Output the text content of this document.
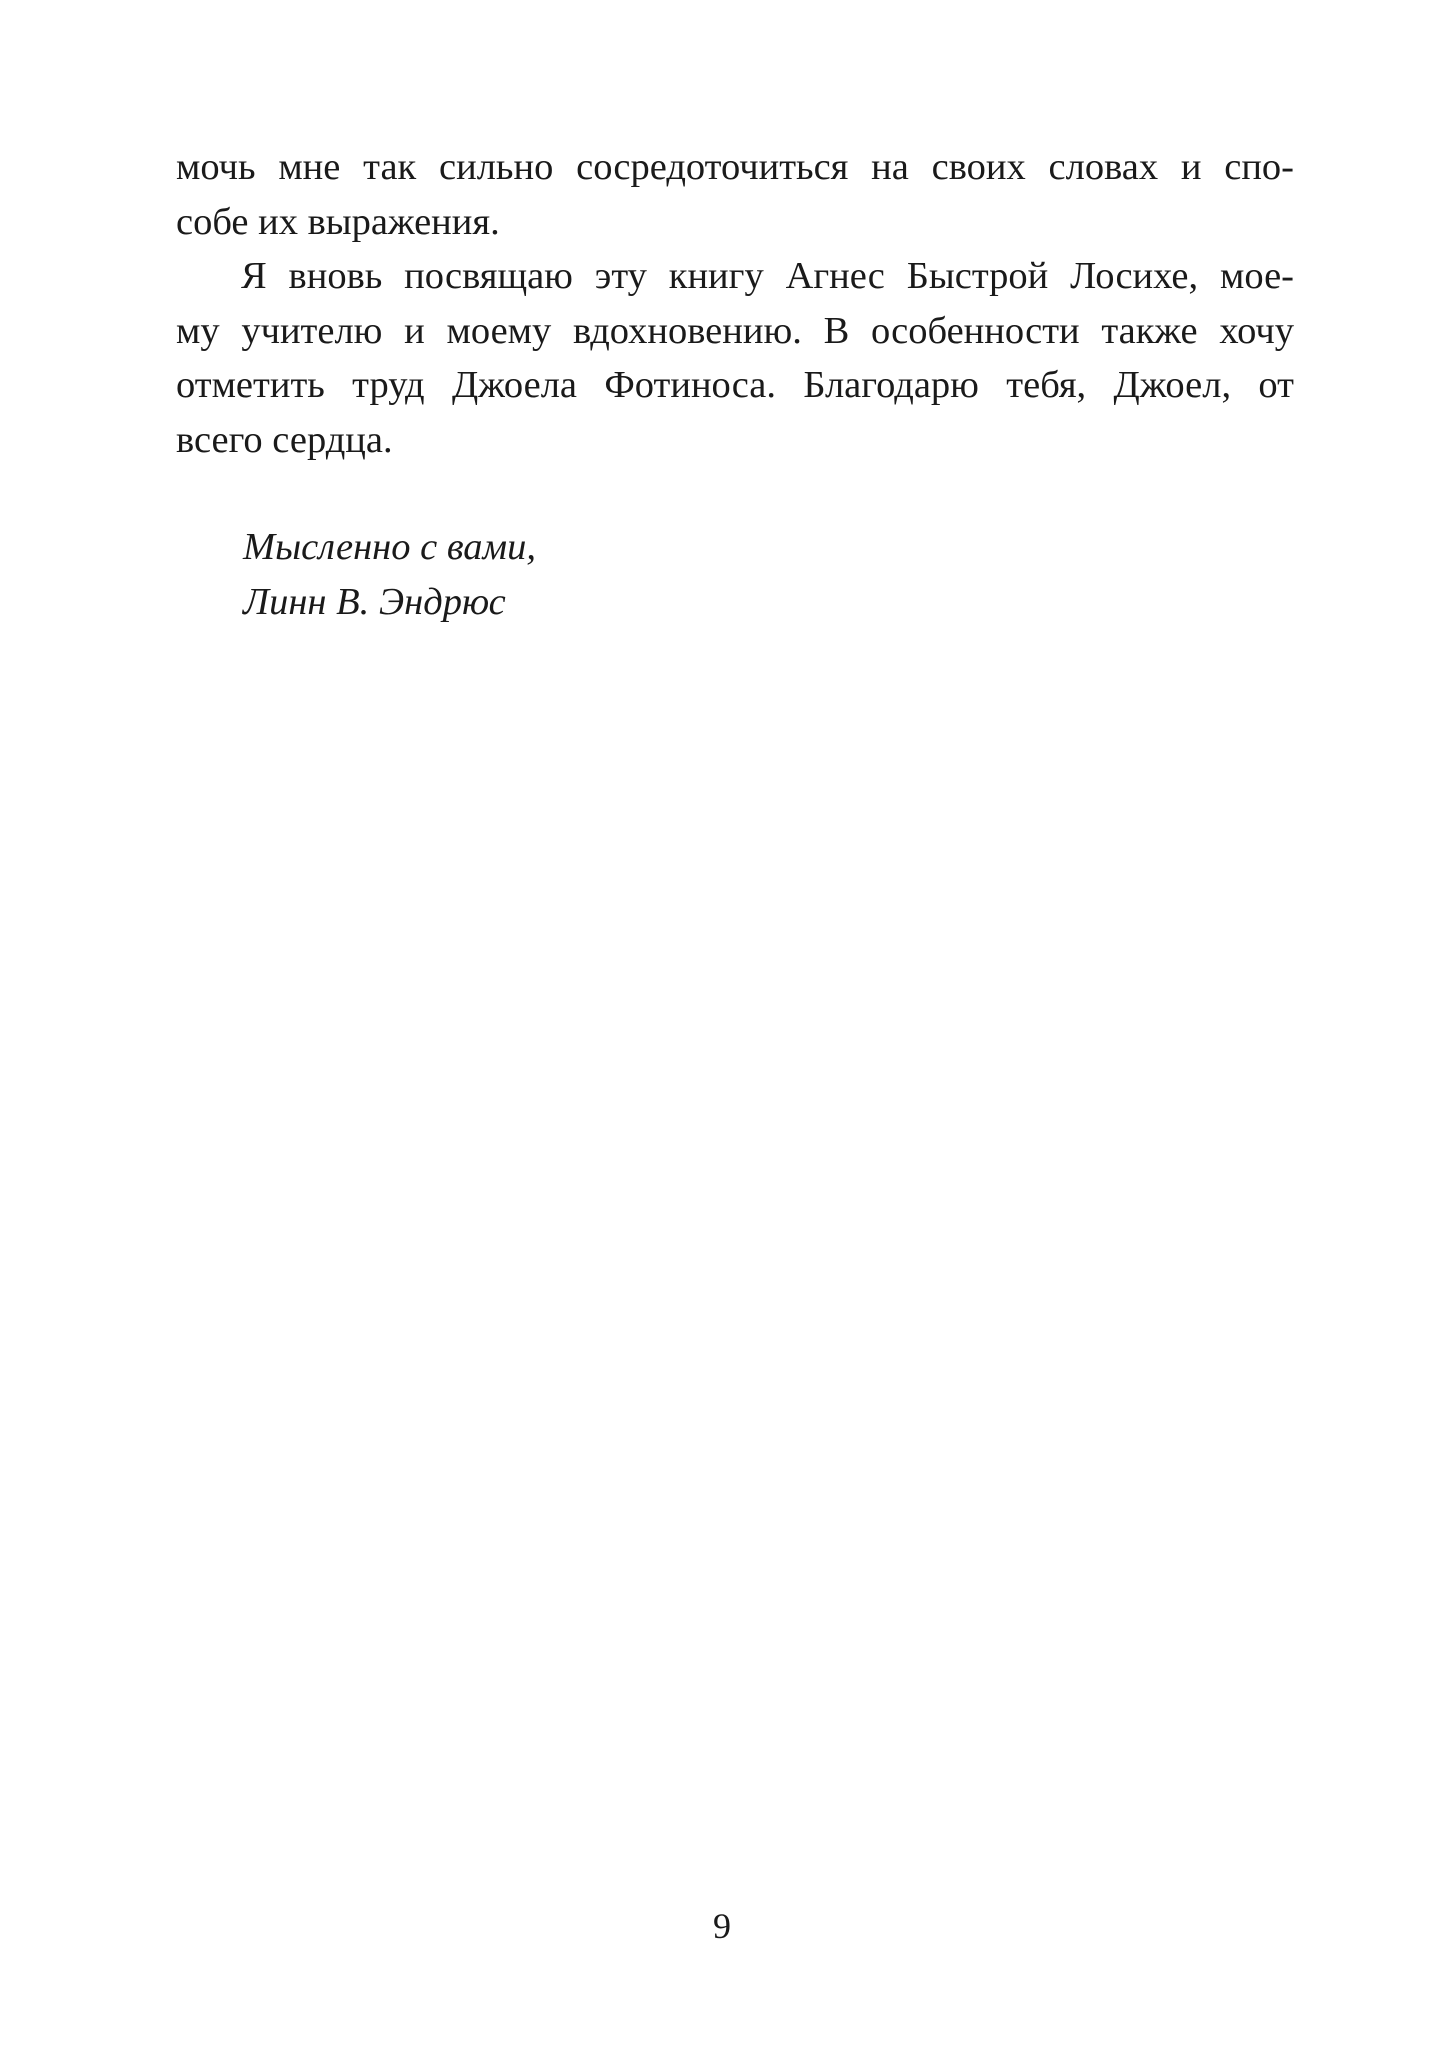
мочь мне так сильно сосредоточиться на своих словах и спо-
собе их выражения.
Я вновь посвящаю эту книгу Агнес Быстрой Лосихе, мое-
му учителю и моему вдохновению. В особенности также хочу
отметить труд Джоела Фотиноса. Благодарю тебя, Джоел, от
всего сердца.
Мысленно с вами,
Линн В. Эндрюс
9
